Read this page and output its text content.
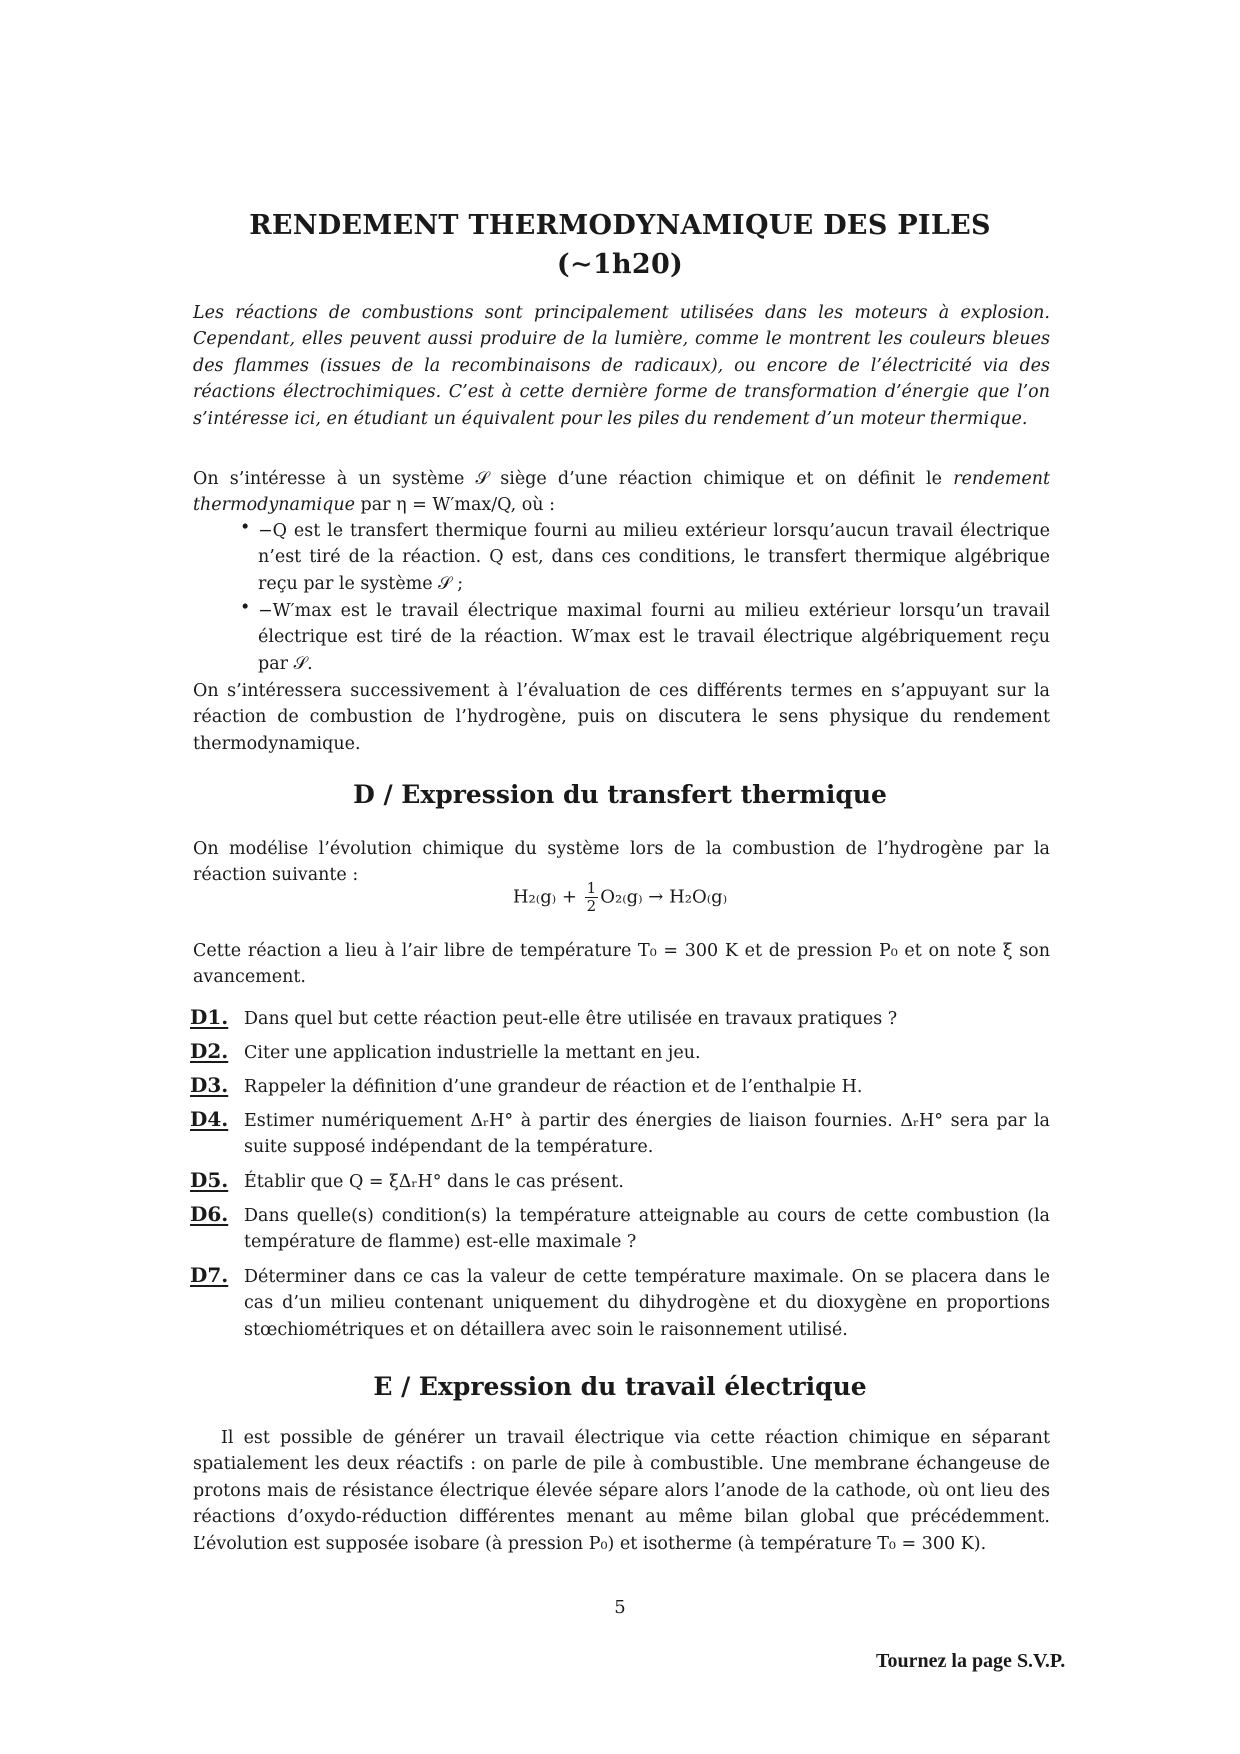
RENDEMENT THERMODYNAMIQUE DES PILES
(∼1h20)
Les réactions de combustions sont principalement utilisées dans les moteurs à explosion. Cependant, elles peuvent aussi produire de la lumière, comme le montrent les couleurs bleues des flammes (issues de la recombinaisons de radicaux), ou encore de l’électricité via des réactions électrochimiques. C’est à cette dernière forme de transformation d’énergie que l’on s’intéresse ici, en étudiant un équivalent pour les piles du rendement d’un moteur thermique.
On s’intéresse à un système 𝒮 siège d’une réaction chimique et on définit le rendement thermodynamique par η = W′max/Q, où :
• −Q est le transfert thermique fourni au milieu extérieur lorsqu’aucun travail électrique n’est tiré de la réaction. Q est, dans ces conditions, le transfert thermique algébrique reçu par le système 𝒮 ;
• −W′max est le travail électrique maximal fourni au milieu extérieur lorsqu’un travail électrique est tiré de la réaction. W′max est le travail électrique algébriquement reçu par 𝒮.
On s’intéressera successivement à l’évaluation de ces différents termes en s’appuyant sur la réaction de combustion de l’hydrogène, puis on discutera le sens physique du rendement thermodynamique.
D / Expression du transfert thermique
On modélise l’évolution chimique du système lors de la combustion de l’hydrogène par la réaction suivante :
$H_{2(}g_) + \frac{1}{2} O_{2(}g_) \to H_2O_(g_)$
Cette réaction a lieu à l’air libre de température T₀ = 300 K et de pression P₀ et on note ξ son avancement.
D1. Dans quel but cette réaction peut-elle être utilisée en travaux pratiques ?
D2. Citer une application industrielle la mettant en jeu.
D3. Rappeler la définition d’une grandeur de réaction et de l’enthalpie H.
D4. Estimer numériquement ΔᵣH° à partir des énergies de liaison fournies. ΔᵣH° sera par la suite supposé indépendant de la température.
D5. Établir que Q = ξΔᵣH° dans le cas présent.
D6. Dans quelle(s) condition(s) la température atteignable au cours de cette combustion (la température de flamme) est-elle maximale ?
D7. Déterminer dans ce cas la valeur de cette température maximale. On se placera dans le cas d’un milieu contenant uniquement du dihydrogène et du dioxygène en proportions stœchiométriques et on détaillera avec soin le raisonnement utilisé.
E / Expression du travail électrique
Il est possible de générer un travail électrique via cette réaction chimique en séparant spatialement les deux réactifs : on parle de pile à combustible. Une membrane échangeuse de protons mais de résistance électrique élevée sépare alors l’anode de la cathode, où ont lieu des réactions d’oxydo-réduction différentes menant au même bilan global que précédemment. L’évolution est supposée isobare (à pression P₀) et isotherme (à température T₀ = 300 K).
5
Tournez la page S.V.P.
